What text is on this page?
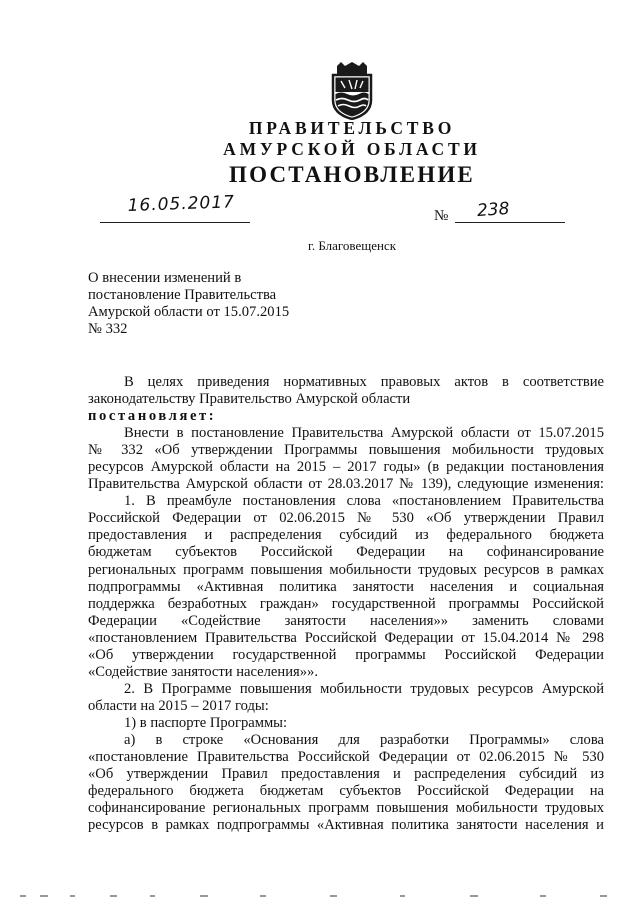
ПРАВИТЕЛЬСТВО
АМУРСКОЙ ОБЛАСТИ
ПОСТАНОВЛЕНИЕ
16.05.2017	№ 238
г. Благовещенск
О внесении изменений в
постановление Правительства
Амурской области от 15.07.2015
№ 332
В целях приведения нормативных правовых актов в соответствие
законодательству Правительство Амурской области
постановляет:
Внести в постановление Правительства Амурской области от 15.07.2015
№ 332 «Об утверждении Программы повышения мобильности трудовых
ресурсов Амурской области на 2015 – 2017 годы» (в редакции постановления
Правительства Амурской области от 28.03.2017 № 139), следующие изменения:
1. В преамбуле постановления слова «постановлением Правительства
Российской Федерации от 02.06.2015 № 530 «Об утверждении Правил
предоставления и распределения субсидий из федерального бюджета
бюджетам субъектов Российской Федерации на софинансирование
региональных программ повышения мобильности трудовых ресурсов в рамках
подпрограммы «Активная политика занятости населения и социальная
поддержка безработных граждан» государственной программы Российской
Федерации «Содействие занятости населения»» заменить словами
«постановлением Правительства Российской Федерации от 15.04.2014 № 298
«Об утверждении государственной программы Российской Федерации
«Содействие занятости населения»».
2. В Программе повышения мобильности трудовых ресурсов Амурской
области на 2015 – 2017 годы:
1) в паспорте Программы:
а) в строке «Основания для разработки Программы» слова
«постановление Правительства Российской Федерации от 02.06.2015 № 530
«Об утверждении Правил предоставления и распределения субсидий из
федерального бюджета бюджетам субъектов Российской Федерации на
софинансирование региональных программ повышения мобильности трудовых
ресурсов в рамках подпрограммы «Активная политика занятости населения и
